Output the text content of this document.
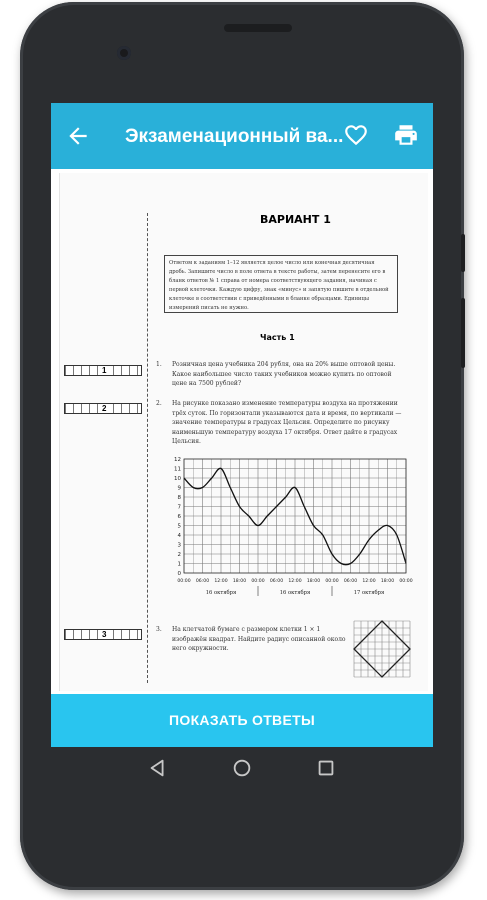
Экзаменационный ва...
ВАРИАНТ 1
Ответом к заданиям 1–12 является целое число или конечная десятичная дробь. Запишите число в поле ответа в тексте работы, затем перенесите его в бланк ответов № 1 справа от номера соответствующего задания, начиная с первой клеточки. Каждую цифру, знак «минус» и запятую пишите в отдельной клеточке в соответствии с приведёнными в бланке образцами. Единицы измерений писать не нужно.
Часть 1
1
2
3
1. Розничная цена учебника 204 рубля, она на 20% выше оптовой цены. Какое наибольшее число таких учебников можно купить по оптовой цене на 7500 рублей?
2. На рисунке показано изменение температуры воздуха на протяжении трёх суток. По горизонтали указываются дата и время, по вертикали — значение температуры в градусах Цельсия. Определите по рисунку наименьшую температуру воздуха 17 октября. Ответ дайте в градусах Цельсия.
0
1
2
3
4
5
6
7
8
9
10
11
12
00:00 06:00 12:00 18:00 00:00 06:00 12:00 18:00 00:00 06:00 12:00 18:00 00:00
16 октября	16 октября	17 октября
3. На клетчатой бумаге с размером клетки 1 × 1 изображён квадрат. Найдите радиус описанной около него окружности.
ПОКАЗАТЬ ОТВЕТЫ
